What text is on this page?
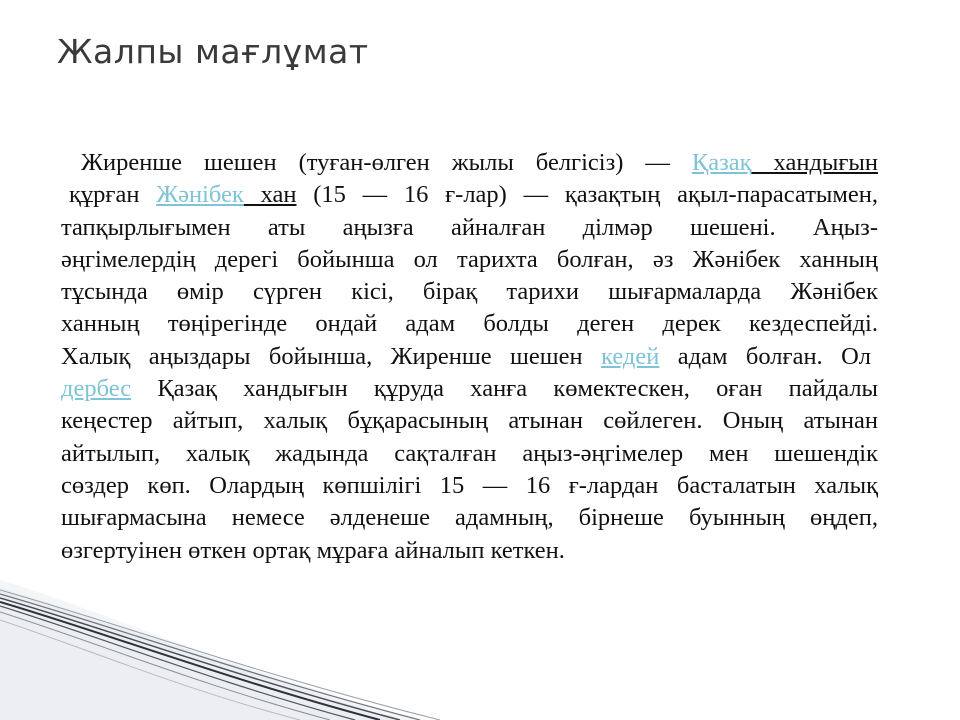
Жалпы мағлұмат
Жиренше шешен (туған-өлген жылы белгісіз) — Қазақ хандығын
құрған Жәнібек хан (15 — 16 ғ-лар) — қазақтың ақыл-парасатымен,
тапқырлығымен аты аңызға айналған ділмәр шешені. Аңыз-
әңгімелердің дерегі бойынша ол тарихта болған, әз Жәнібек ханның
тұсында өмір сүрген кісі, бірақ тарихи шығармаларда Жәнібек
ханның төңірегінде ондай адам болды деген дерек кездеспейді.
Халық аңыздары бойынша, Жиренше шешен кедей адам болған. Ол
дербес Қазақ хандығын құруда ханға көмектескен, оған пайдалы
кеңестер айтып, халық бұқарасының атынан сөйлеген. Оның атынан
айтылып, халық жадында сақталған аңыз-әңгімелер мен шешендік
сөздер көп. Олардың көпшілігі 15 — 16 ғ-лардан басталатын халық
шығармасына немесе әлденеше адамның, бірнеше буынның өңдеп,
өзгертуінен өткен ортақ мұраға айналып кеткен.
